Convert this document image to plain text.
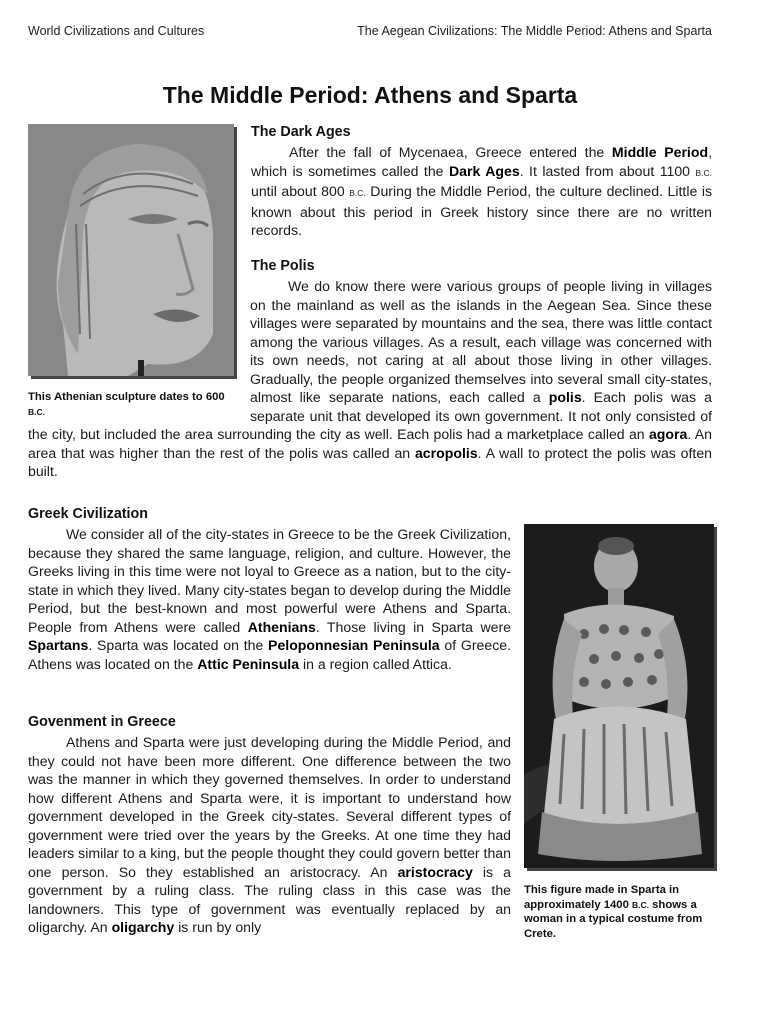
World Civilizations and Cultures	The Aegean Civilizations: The Middle Period: Athens and Sparta
The Middle Period: Athens and Sparta
This Athenian sculpture dates to 600 B.C.
The Dark Ages

After the fall of Mycenaea, Greece entered the Middle Period, which is sometimes called the Dark Ages. It lasted from about 1100 B.C. until about 800 B.C. During the Middle Period, the culture declined. Little is known about this period in Greek history since there are no written records.

The Polis

We do know there were various groups of people living in villages on the mainland as well as the islands in the Aegean Sea. Since these villages were separated by mountains and the sea, there was little contact among the various villages. As a result, each village was concerned with its own needs, not caring at all about those living in other villages. Gradually, the people organized themselves into several small city-states, almost like separate nations, each called a polis. Each polis was a separate unit that developed its own government. It not only consisted of the city, but included the area surrounding the city as well. Each polis had a marketplace called an agora. An area that was higher than the rest of the polis was called an acropolis. A wall to protect the polis was often built.

Greek Civilization

We consider all of the city-states in Greece to be the Greek Civilization, because they shared the same language, religion, and culture. However, the Greeks living in this time were not loyal to Greece as a nation, but to the city-state in which they lived. Many city-states began to develop during the Middle Period, but the best-known and most powerful were Athens and Sparta. People from Athens were called Athenians. Those living in Sparta were Spartans. Sparta was located on the Peloponnesian Peninsula of Greece. Athens was located on the Attic Peninsula in a region called Attica.

Govenment in Greece

Athens and Sparta were just developing during the Middle Period, and they could not have been more different. One difference between the two was the manner in which they governed themselves. In order to understand how different Athens and Sparta were, it is important to understand how government developed in the Greek city-states. Several different types of government were tried over the years by the Greeks. At one time they had leaders similar to a king, but the people thought they could govern better than one person. So they established an aristocracy. An aristocracy is a government by a ruling class. The ruling class in this case was the landowners. This type of government was eventually replaced by an oligarchy. An oligarchy is run by only

This figure made in Sparta in approximately 1400 B.C. shows a woman in a typical costume from Crete.
